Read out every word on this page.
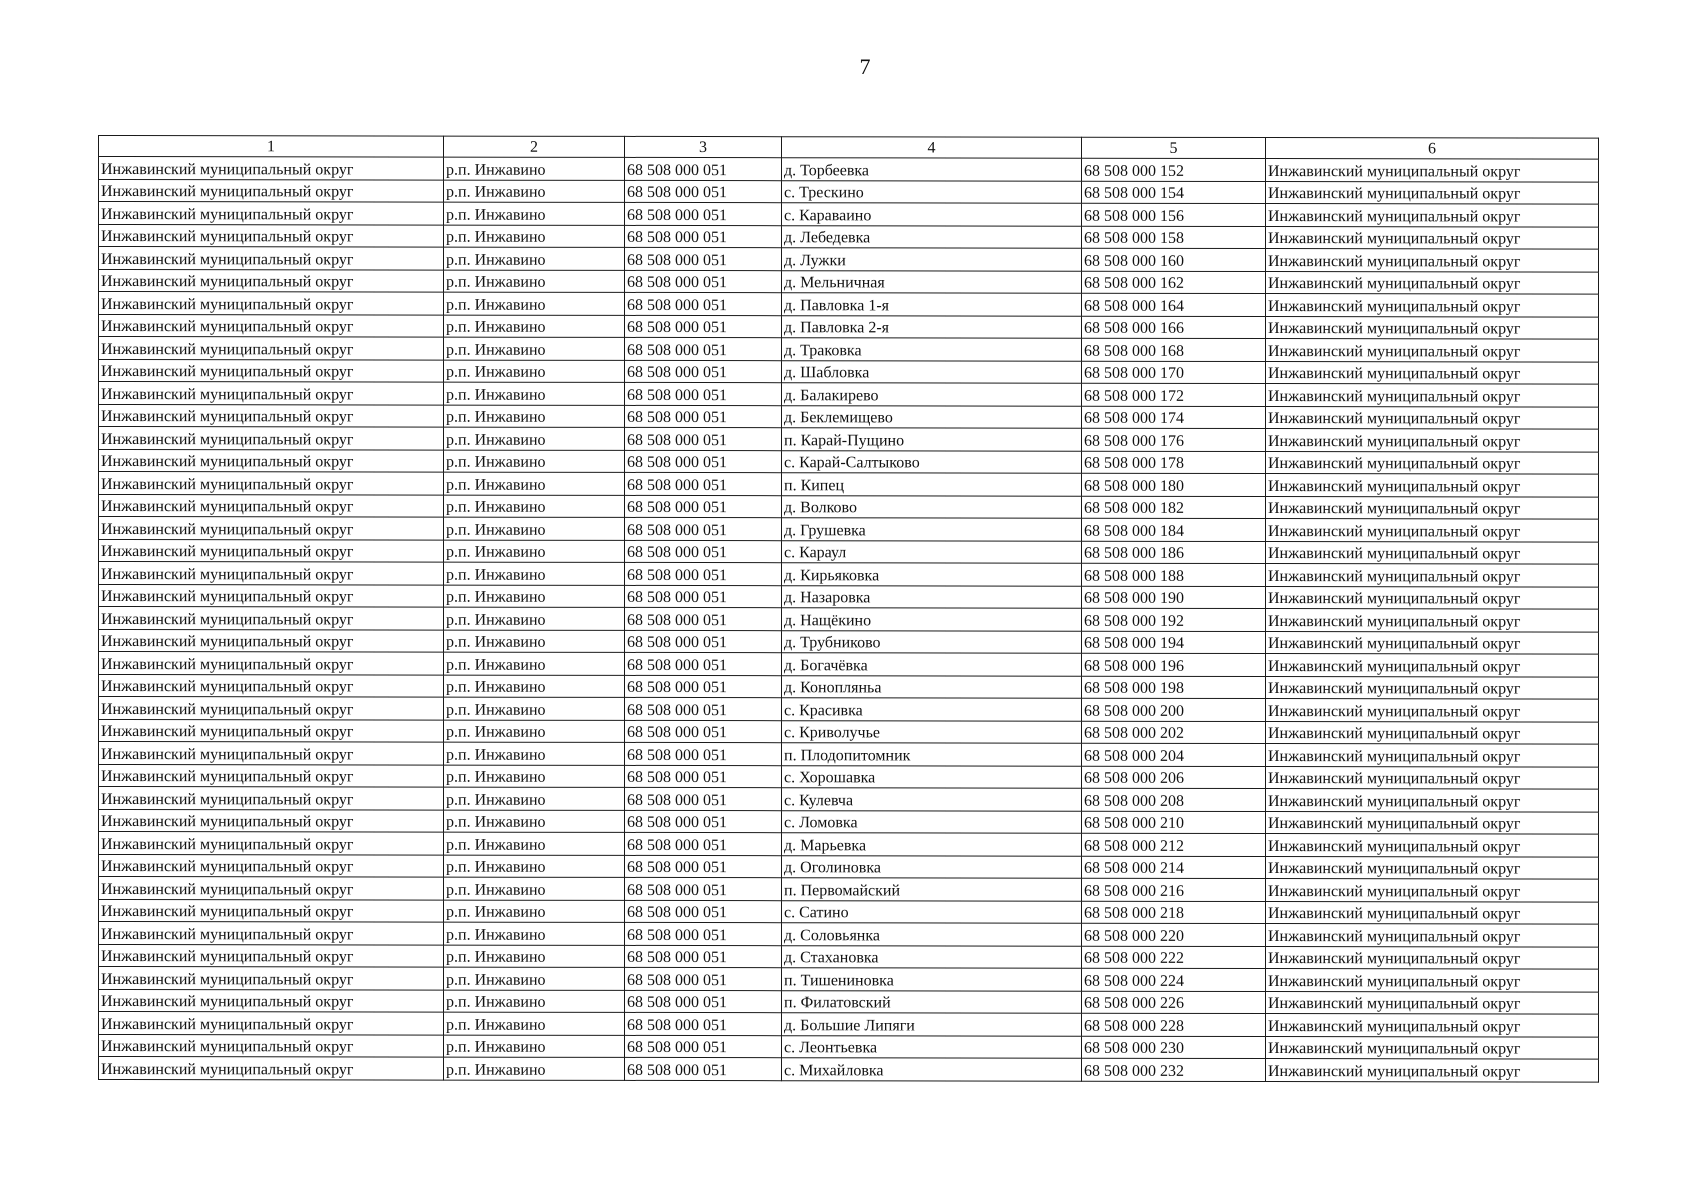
7
1	2	3	4	5	6
Инжавинский муниципальный округ	р.п. Инжавино	68 508 000 051	д. Торбеевка	68 508 000 152	Инжавинский муниципальный округ
Инжавинский муниципальный округ	р.п. Инжавино	68 508 000 051	с. Трескино	68 508 000 154	Инжавинский муниципальный округ
Инжавинский муниципальный округ	р.п. Инжавино	68 508 000 051	с. Караваино	68 508 000 156	Инжавинский муниципальный округ
Инжавинский муниципальный округ	р.п. Инжавино	68 508 000 051	д. Лебедевка	68 508 000 158	Инжавинский муниципальный округ
Инжавинский муниципальный округ	р.п. Инжавино	68 508 000 051	д. Лужки	68 508 000 160	Инжавинский муниципальный округ
Инжавинский муниципальный округ	р.п. Инжавино	68 508 000 051	д. Мельничная	68 508 000 162	Инжавинский муниципальный округ
Инжавинский муниципальный округ	р.п. Инжавино	68 508 000 051	д. Павловка 1-я	68 508 000 164	Инжавинский муниципальный округ
Инжавинский муниципальный округ	р.п. Инжавино	68 508 000 051	д. Павловка 2-я	68 508 000 166	Инжавинский муниципальный округ
Инжавинский муниципальный округ	р.п. Инжавино	68 508 000 051	д. Траковка	68 508 000 168	Инжавинский муниципальный округ
Инжавинский муниципальный округ	р.п. Инжавино	68 508 000 051	д. Шабловка	68 508 000 170	Инжавинский муниципальный округ
Инжавинский муниципальный округ	р.п. Инжавино	68 508 000 051	д. Балакирево	68 508 000 172	Инжавинский муниципальный округ
Инжавинский муниципальный округ	р.п. Инжавино	68 508 000 051	д. Беклемищево	68 508 000 174	Инжавинский муниципальный округ
Инжавинский муниципальный округ	р.п. Инжавино	68 508 000 051	п. Карай-Пущино	68 508 000 176	Инжавинский муниципальный округ
Инжавинский муниципальный округ	р.п. Инжавино	68 508 000 051	с. Карай-Салтыково	68 508 000 178	Инжавинский муниципальный округ
Инжавинский муниципальный округ	р.п. Инжавино	68 508 000 051	п. Кипец	68 508 000 180	Инжавинский муниципальный округ
Инжавинский муниципальный округ	р.п. Инжавино	68 508 000 051	д. Волково	68 508 000 182	Инжавинский муниципальный округ
Инжавинский муниципальный округ	р.п. Инжавино	68 508 000 051	д. Грушевка	68 508 000 184	Инжавинский муниципальный округ
Инжавинский муниципальный округ	р.п. Инжавино	68 508 000 051	с. Караул	68 508 000 186	Инжавинский муниципальный округ
Инжавинский муниципальный округ	р.п. Инжавино	68 508 000 051	д. Кирьяковка	68 508 000 188	Инжавинский муниципальный округ
Инжавинский муниципальный округ	р.п. Инжавино	68 508 000 051	д. Назаровка	68 508 000 190	Инжавинский муниципальный округ
Инжавинский муниципальный округ	р.п. Инжавино	68 508 000 051	д. Нащёкино	68 508 000 192	Инжавинский муниципальный округ
Инжавинский муниципальный округ	р.п. Инжавино	68 508 000 051	д. Трубниково	68 508 000 194	Инжавинский муниципальный округ
Инжавинский муниципальный округ	р.п. Инжавино	68 508 000 051	д. Богачёвка	68 508 000 196	Инжавинский муниципальный округ
Инжавинский муниципальный округ	р.п. Инжавино	68 508 000 051	д. Конопляньа	68 508 000 198	Инжавинский муниципальный округ
Инжавинский муниципальный округ	р.п. Инжавино	68 508 000 051	с. Красивка	68 508 000 200	Инжавинский муниципальный округ
Инжавинский муниципальный округ	р.п. Инжавино	68 508 000 051	с. Криволучье	68 508 000 202	Инжавинский муниципальный округ
Инжавинский муниципальный округ	р.п. Инжавино	68 508 000 051	п. Плодопитомник	68 508 000 204	Инжавинский муниципальный округ
Инжавинский муниципальный округ	р.п. Инжавино	68 508 000 051	с. Хорошавка	68 508 000 206	Инжавинский муниципальный округ
Инжавинский муниципальный округ	р.п. Инжавино	68 508 000 051	с. Кулевча	68 508 000 208	Инжавинский муниципальный округ
Инжавинский муниципальный округ	р.п. Инжавино	68 508 000 051	с. Ломовка	68 508 000 210	Инжавинский муниципальный округ
Инжавинский муниципальный округ	р.п. Инжавино	68 508 000 051	д. Марьевка	68 508 000 212	Инжавинский муниципальный округ
Инжавинский муниципальный округ	р.п. Инжавино	68 508 000 051	д. Оголиновка	68 508 000 214	Инжавинский муниципальный округ
Инжавинский муниципальный округ	р.п. Инжавино	68 508 000 051	п. Первомайский	68 508 000 216	Инжавинский муниципальный округ
Инжавинский муниципальный округ	р.п. Инжавино	68 508 000 051	с. Сатино	68 508 000 218	Инжавинский муниципальный округ
Инжавинский муниципальный округ	р.п. Инжавино	68 508 000 051	д. Соловьянка	68 508 000 220	Инжавинский муниципальный округ
Инжавинский муниципальный округ	р.п. Инжавино	68 508 000 051	д. Стахановка	68 508 000 222	Инжавинский муниципальный округ
Инжавинский муниципальный округ	р.п. Инжавино	68 508 000 051	п. Тишениновка	68 508 000 224	Инжавинский муниципальный округ
Инжавинский муниципальный округ	р.п. Инжавино	68 508 000 051	п. Филатовский	68 508 000 226	Инжавинский муниципальный округ
Инжавинский муниципальный округ	р.п. Инжавино	68 508 000 051	д. Большие Липяги	68 508 000 228	Инжавинский муниципальный округ
Инжавинский муниципальный округ	р.п. Инжавино	68 508 000 051	с. Леонтьевка	68 508 000 230	Инжавинский муниципальный округ
Инжавинский муниципальный округ	р.п. Инжавино	68 508 000 051	с. Михайловка	68 508 000 232	Инжавинский муниципальный округ
